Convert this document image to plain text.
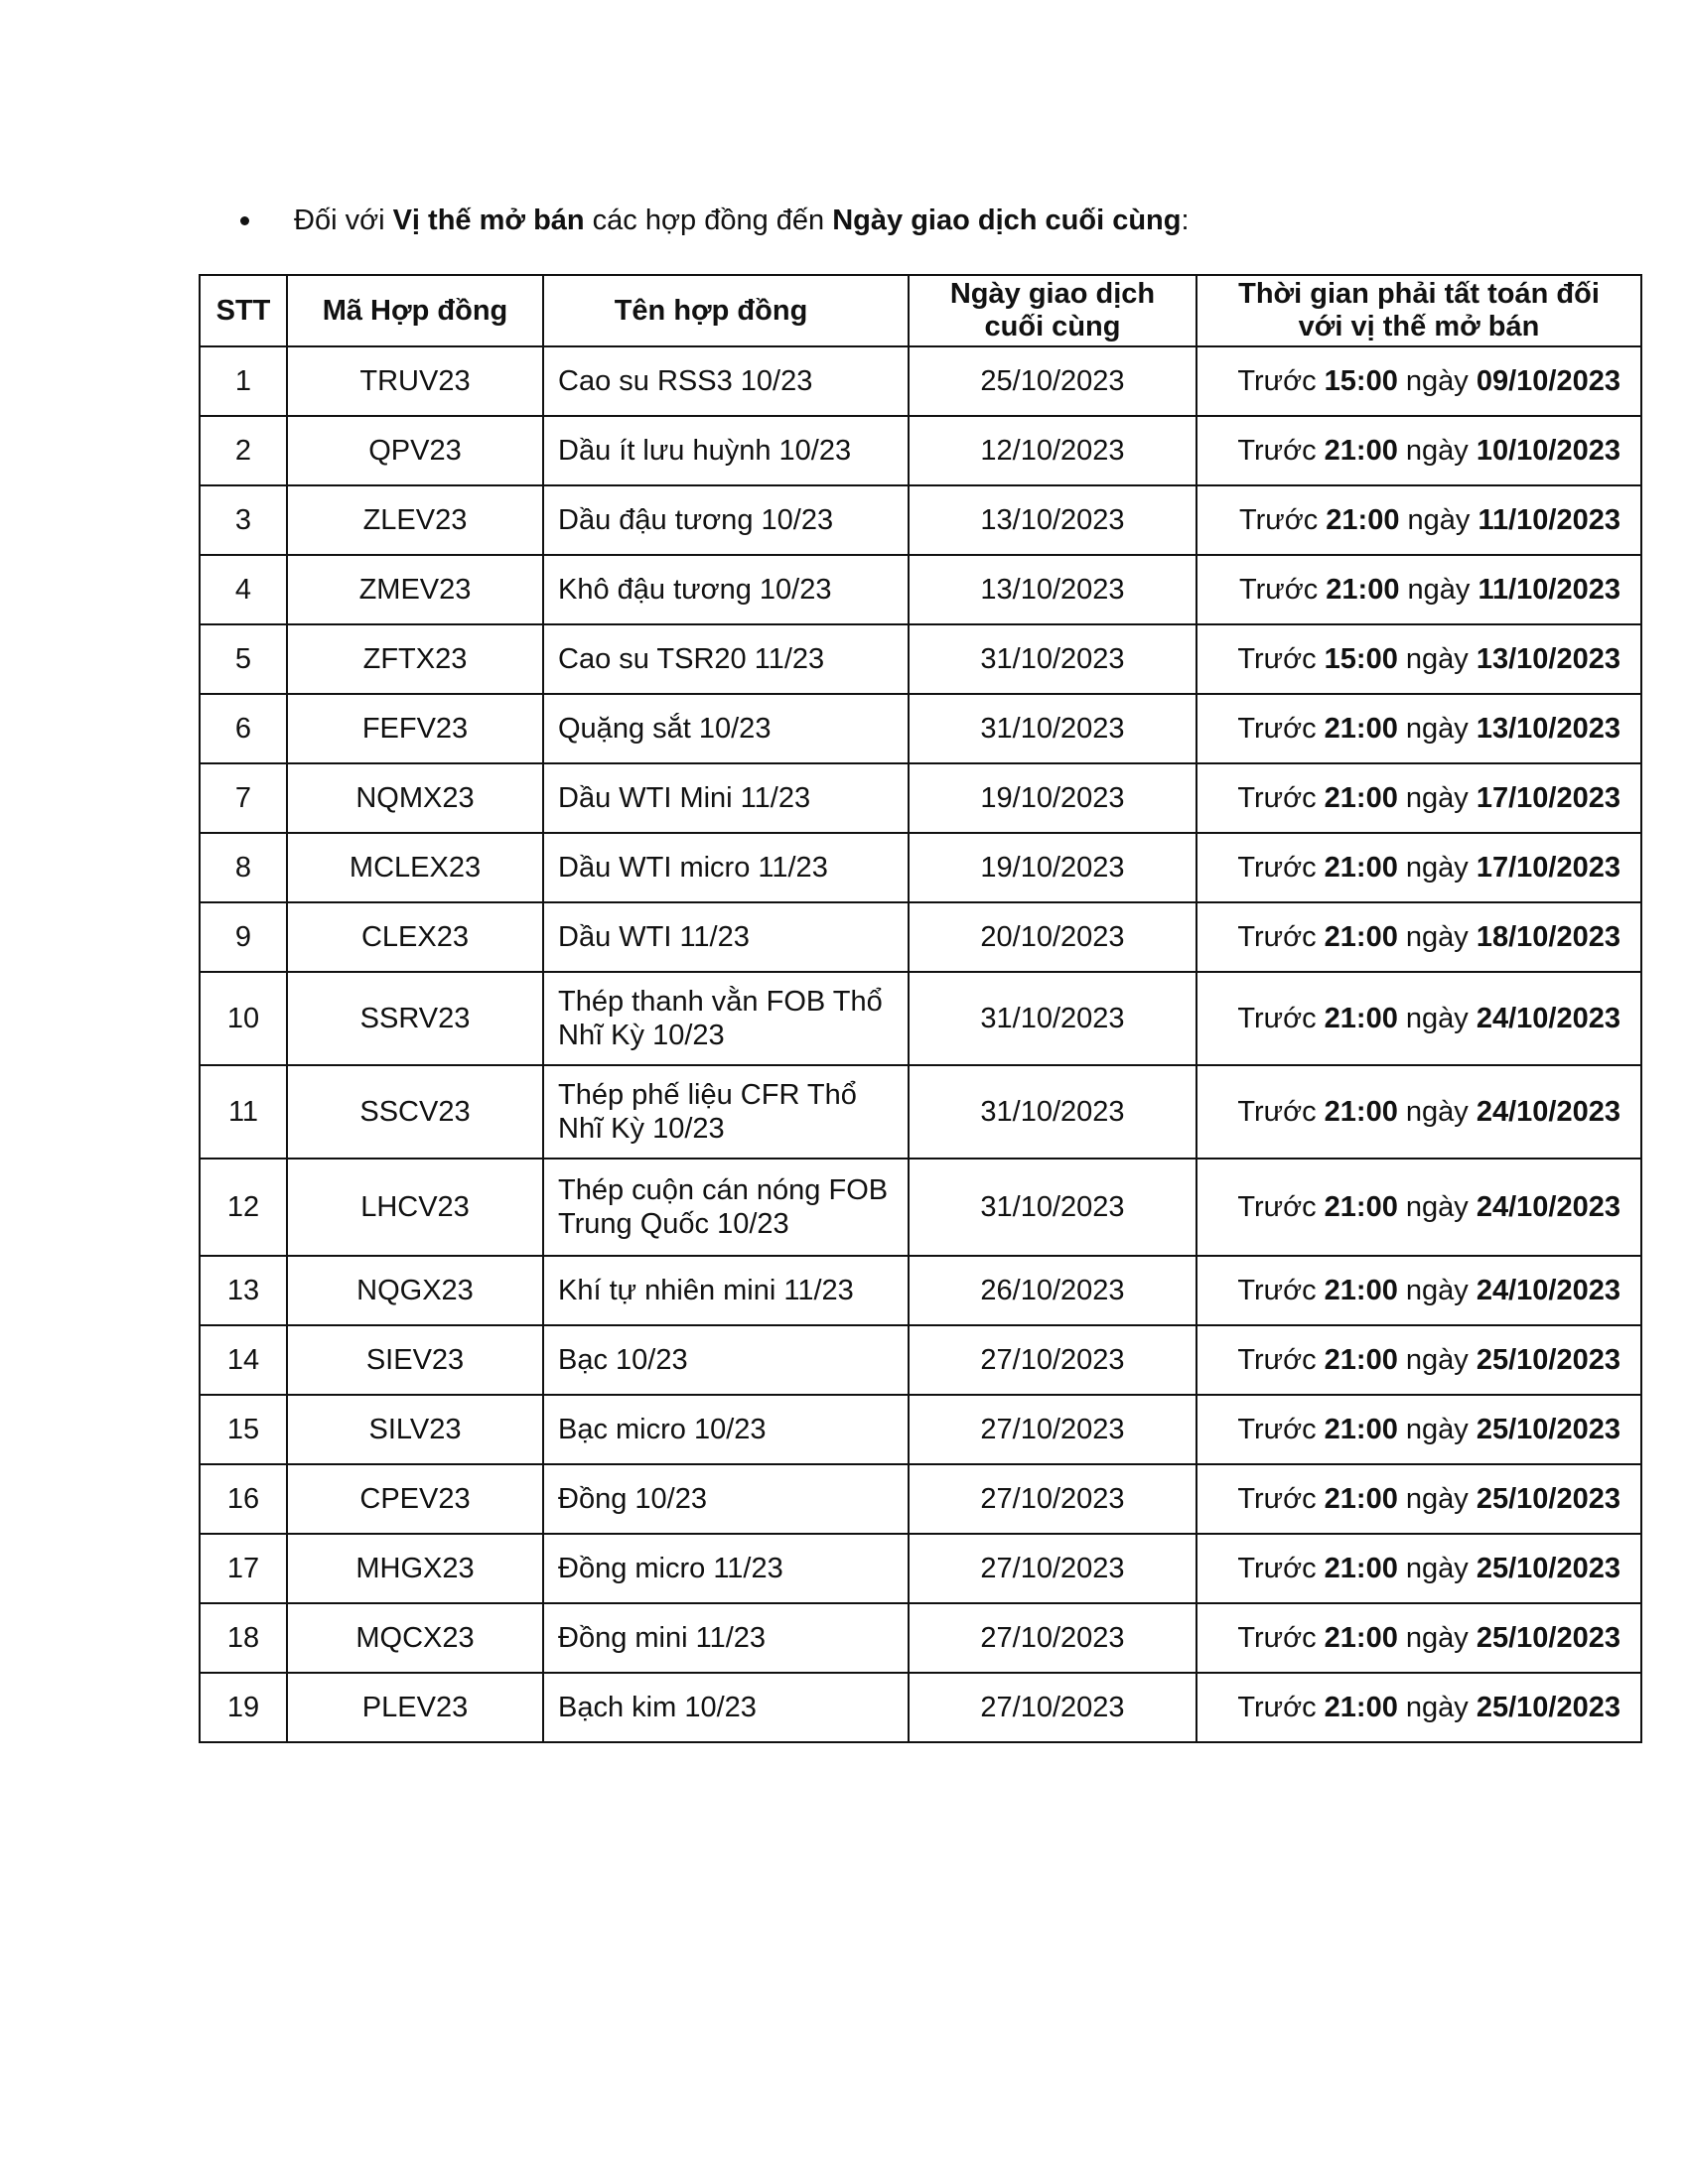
Đối với Vị thế mở bán các hợp đồng đến Ngày giao dịch cuối cùng:
STT	Mã Hợp đồng	Tên hợp đồng	Ngày giao dịch cuối cùng	Thời gian phải tất toán đối với vị thế mở bán
1	TRUV23	Cao su RSS3 10/23	25/10/2023	Trước 15:00 ngày 09/10/2023
2	QPV23	Dầu ít lưu huỳnh 10/23	12/10/2023	Trước 21:00 ngày 10/10/2023
3	ZLEV23	Dầu đậu tương 10/23	13/10/2023	Trước 21:00 ngày 11/10/2023
4	ZMEV23	Khô đậu tương 10/23	13/10/2023	Trước 21:00 ngày 11/10/2023
5	ZFTX23	Cao su TSR20 11/23	31/10/2023	Trước 15:00 ngày 13/10/2023
6	FEFV23	Quặng sắt 10/23	31/10/2023	Trước 21:00 ngày 13/10/2023
7	NQMX23	Dầu WTI Mini 11/23	19/10/2023	Trước 21:00 ngày 17/10/2023
8	MCLEX23	Dầu WTI micro 11/23	19/10/2023	Trước 21:00 ngày 17/10/2023
9	CLEX23	Dầu WTI 11/23	20/10/2023	Trước 21:00 ngày 18/10/2023
10	SSRV23	Thép thanh vằn FOB Thổ Nhĩ Kỳ 10/23	31/10/2023	Trước 21:00 ngày 24/10/2023
11	SSCV23	Thép phế liệu CFR Thổ Nhĩ Kỳ 10/23	31/10/2023	Trước 21:00 ngày 24/10/2023
12	LHCV23	Thép cuộn cán nóng FOB Trung Quốc 10/23	31/10/2023	Trước 21:00 ngày 24/10/2023
13	NQGX23	Khí tự nhiên mini 11/23	26/10/2023	Trước 21:00 ngày 24/10/2023
14	SIEV23	Bạc 10/23	27/10/2023	Trước 21:00 ngày 25/10/2023
15	SILV23	Bạc micro 10/23	27/10/2023	Trước 21:00 ngày 25/10/2023
16	CPEV23	Đồng 10/23	27/10/2023	Trước 21:00 ngày 25/10/2023
17	MHGX23	Đồng micro 11/23	27/10/2023	Trước 21:00 ngày 25/10/2023
18	MQCX23	Đồng mini 11/23	27/10/2023	Trước 21:00 ngày 25/10/2023
19	PLEV23	Bạch kim 10/23	27/10/2023	Trước 21:00 ngày 25/10/2023
